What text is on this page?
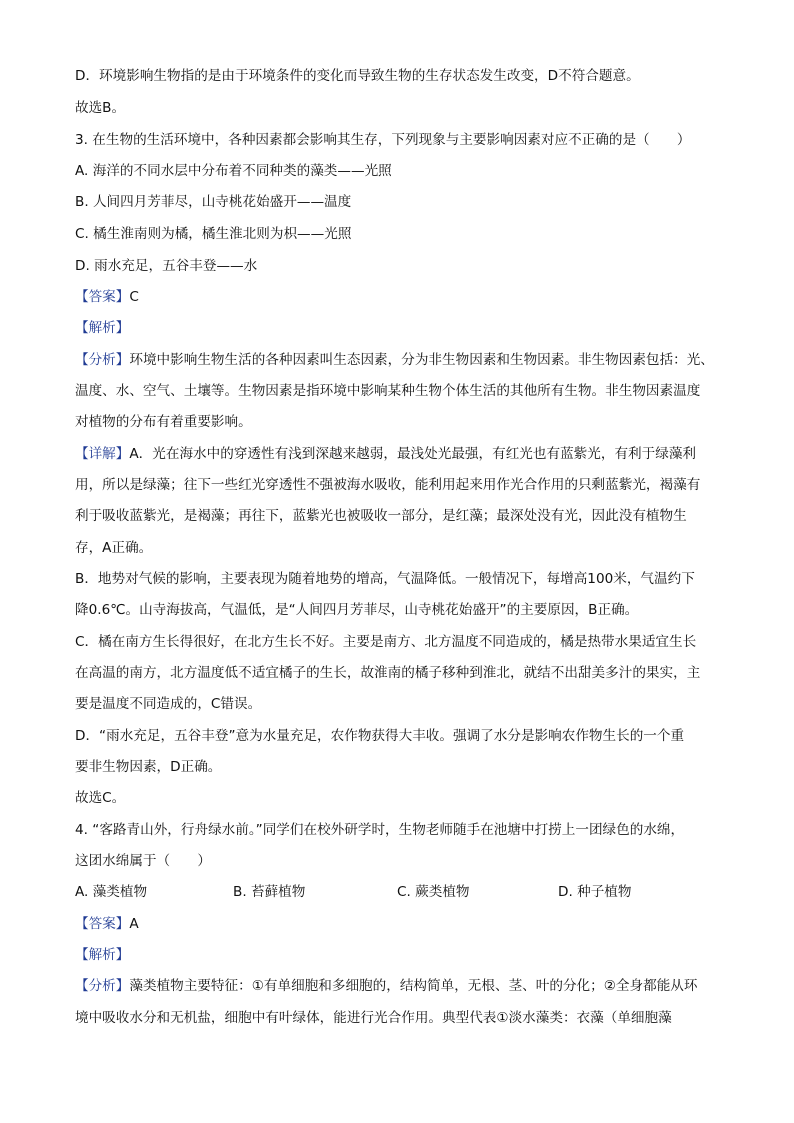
D．环境影响生物指的是由于环境条件的变化而导致生物的生存状态发生改变，D不符合题意。
故选B。
3. 在生物的生活环境中，各种因素都会影响其生存，下列现象与主要影响因素对应不正确的是（　　）
A. 海洋的不同水层中分布着不同种类的藻类——光照
B. 人间四月芳菲尽，山寺桃花始盛开——温度
C. 橘生淮南则为橘，橘生淮北则为枳——光照
D. 雨水充足，五谷丰登——水
【答案】C
【解析】
【分析】环境中影响生物生活的各种因素叫生态因素，分为非生物因素和生物因素。非生物因素包括：光、
温度、水、空气、土壤等。生物因素是指环境中影响某种生物个体生活的其他所有生物。非生物因素温度
对植物的分布有着重要影响。
【详解】A．光在海水中的穿透性有浅到深越来越弱，最浅处光最强，有红光也有蓝紫光，有利于绿藻利
用，所以是绿藻；往下一些红光穿透性不强被海水吸收，能利用起来用作光合作用的只剩蓝紫光，褐藻有
利于吸收蓝紫光，是褐藻；再往下，蓝紫光也被吸收一部分，是红藻；最深处没有光，因此没有植物生
存，A正确。
B．地势对气候的影响，主要表现为随着地势的增高，气温降低。一般情况下，每增高100米，气温约下
降0.6℃。山寺海拔高，气温低，是“人间四月芳菲尽，山寺桃花始盛开”的主要原因，B正确。
C．橘在南方生长得很好，在北方生长不好。主要是南方、北方温度不同造成的，橘是热带水果适宜生长
在高温的南方，北方温度低不适宜橘子的生长，故淮南的橘子移种到淮北，就结不出甜美多汁的果实，主
要是温度不同造成的，C错误。
D．“雨水充足，五谷丰登”意为水量充足，农作物获得大丰收。强调了水分是影响农作物生长的一个重
要非生物因素，D正确。
故选C。
4. “客路青山外，行舟绿水前。”同学们在校外研学时，生物老师随手在池塘中打捞上一团绿色的水绵，
这团水绵属于（　　）
A. 藻类植物	B. 苔藓植物	C. 蕨类植物	D. 种子植物
【答案】A
【解析】
【分析】藻类植物主要特征：①有单细胞和多细胞的，结构简单，无根、茎、叶的分化；②全身都能从环
境中吸收水分和无机盐，细胞中有叶绿体，能进行光合作用。典型代表①淡水藻类：衣藻（单细胞藻
